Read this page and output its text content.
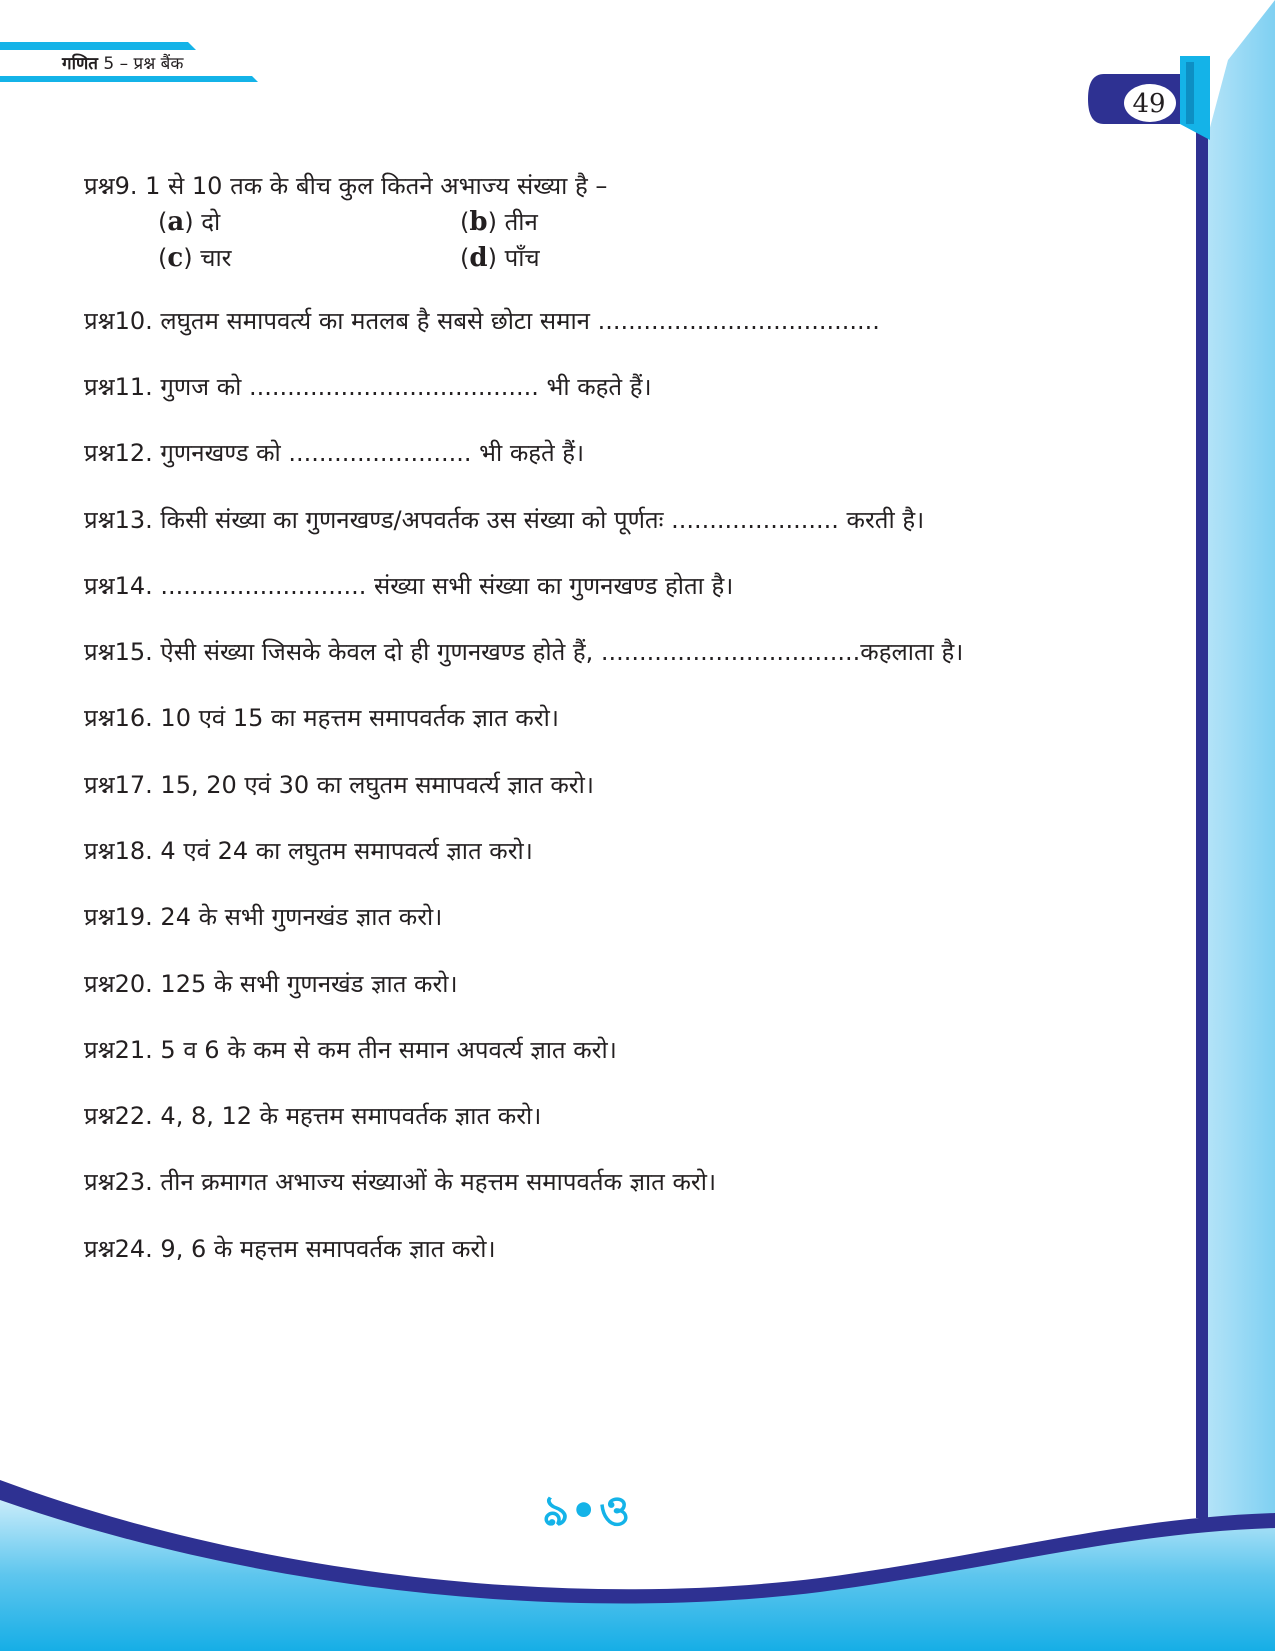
गणित 5 – प्रश्न बैंक
49
प्रश्न9. 1 से 10 तक के बीच कुल कितने अभाज्य संख्या है –
(a) दो	(b) तीन
(c) चार	(d) पाँच
प्रश्न10. लघुतम समापवर्त्य का मतलब है सबसे छोटा समान .....................................
प्रश्न11. गुणज को ...................................... भी कहते हैं।
प्रश्न12. गुणनखण्ड को ........................ भी कहते हैं।
प्रश्न13. किसी संख्या का गुणनखण्ड/अपवर्तक उस संख्या को पूर्णतः ...................... करती है।
प्रश्न14. ........................... संख्या सभी संख्या का गुणनखण्ड होता है।
प्रश्न15. ऐसी संख्या जिसके केवल दो ही गुणनखण्ड होते हैं, ..................................कहलाता है।
प्रश्न16. 10 एवं 15 का महत्तम समापवर्तक ज्ञात करो।
प्रश्न17. 15, 20 एवं 30 का लघुतम समापवर्त्य ज्ञात करो।
प्रश्न18. 4 एवं 24 का लघुतम समापवर्त्य ज्ञात करो।
प्रश्न19. 24 के सभी गुणनखंड ज्ञात करो।
प्रश्न20. 125 के सभी गुणनखंड ज्ञात करो।
प्रश्न21. 5 व 6 के कम से कम तीन समान अपवर्त्य ज्ञात करो।
प्रश्न22. 4, 8, 12 के महत्तम समापवर्तक ज्ञात करो।
प्रश्न23. तीन क्रमागत अभाज्य संख्याओं के महत्तम समापवर्तक ज्ञात करो।
प्रश्न24. 9, 6 के महत्तम समापवर्तक ज्ञात करो।
ঌ•ও
